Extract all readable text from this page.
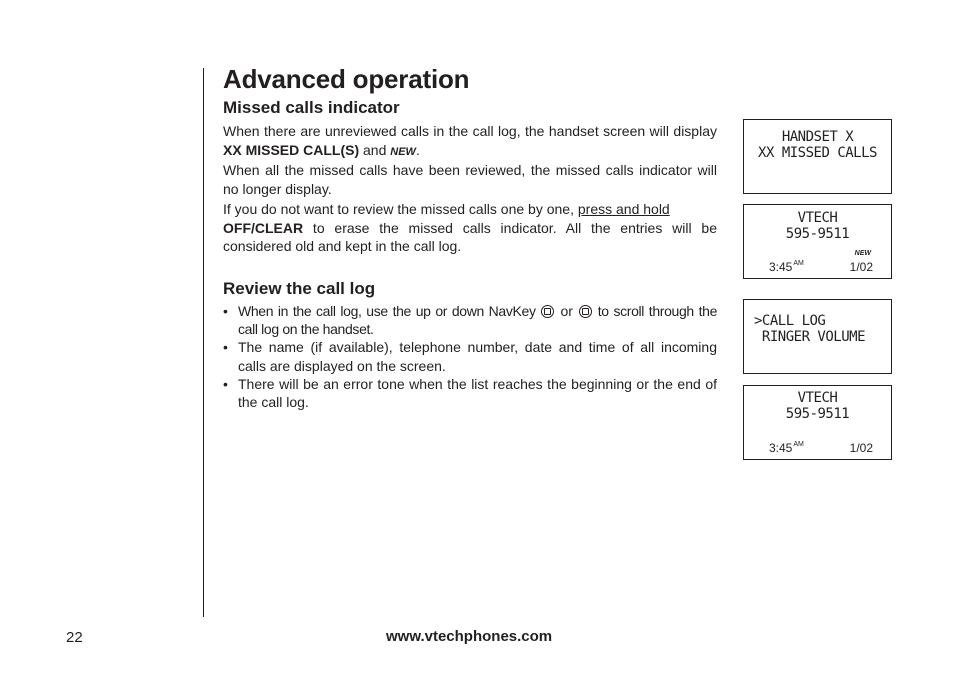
Advanced operation
Missed calls indicator

When there are unreviewed calls in the call log, the handset screen will display XX MISSED CALL(S) and NEW.

When all the missed calls have been reviewed, the missed calls indicator will no longer display.

If you do not want to review the missed calls one by one, press and hold
OFF/CLEAR to erase the missed calls indicator. All the entries will be considered old and kept in the call log.

Review the call log
• When in the call log, use the up or down NavKey  or  to scroll through the call log on the handset.
• The name (if available), telephone number, date and time of all incoming calls are displayed on the screen.
• There will be an error tone when the list reaches the beginning or the end of the call log.
HANDSET X
XX MISSED CALLS
VTECH
595-9511
NEW
$3:45^{AM}$	1/02
>CALL LOG
RINGER VOLUME
VTECH
595-9511
$3:45^{AM}$	1/02
22	www.vtechphones.com
